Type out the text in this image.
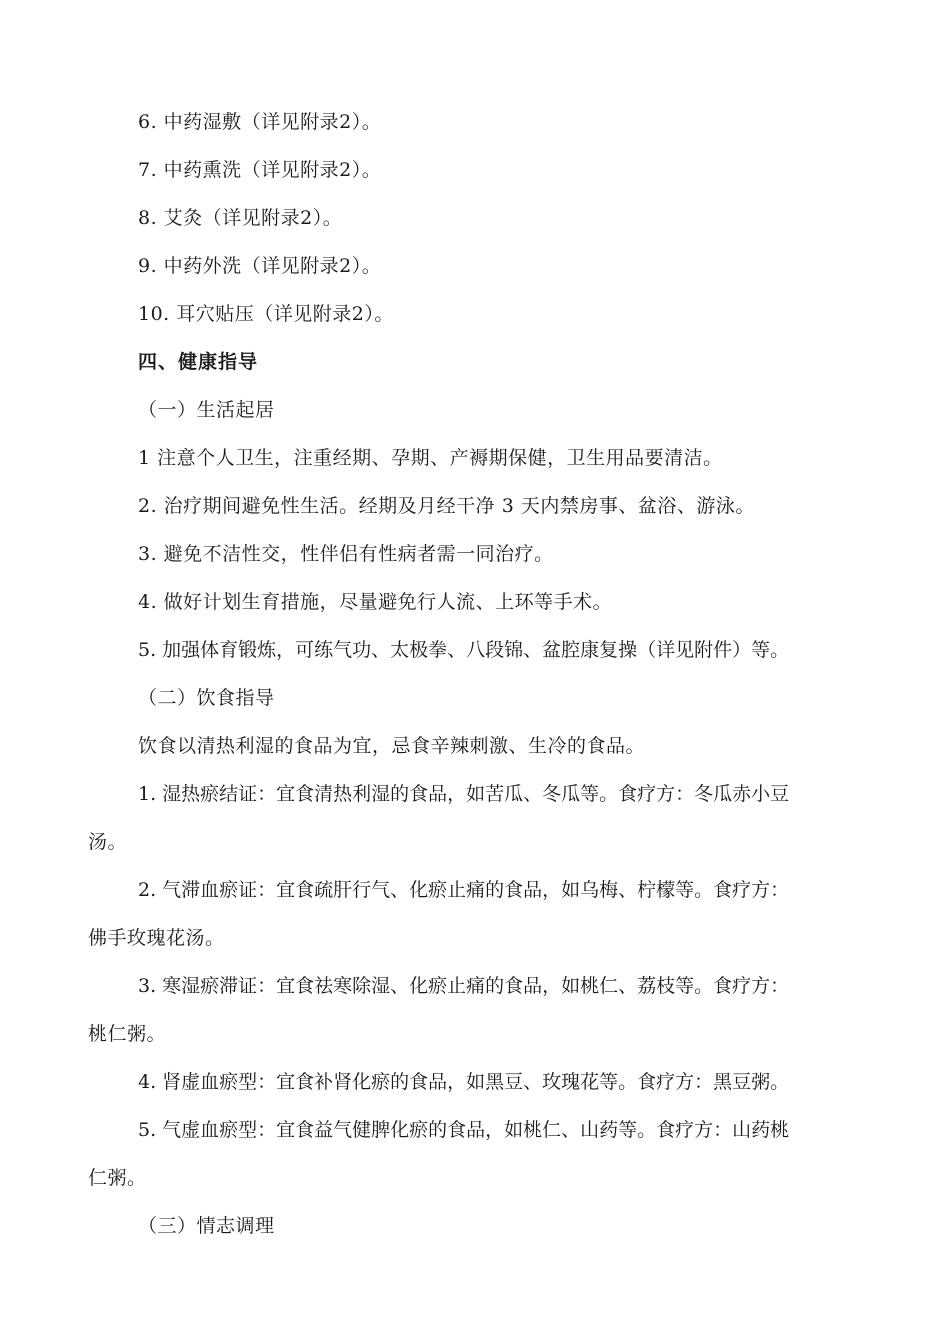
6. 中药湿敷（详见附录2）。
7. 中药熏洗（详见附录2）。
8. 艾灸（详见附录2）。
9. 中药外洗（详见附录2）。
10. 耳穴贴压（详见附录2）。
四、健康指导
（一）生活起居
1 注意个人卫生，注重经期、孕期、产褥期保健，卫生用品要清洁。
2. 治疗期间避免性生活。经期及月经干净 3 天内禁房事、盆浴、游泳。
3. 避免不洁性交，性伴侣有性病者需一同治疗。
4. 做好计划生育措施，尽量避免行人流、上环等手术。
5. 加强体育锻炼，可练气功、太极拳、八段锦、盆腔康复操（详见附件）等。
（二）饮食指导
饮食以清热利湿的食品为宜，忌食辛辣刺激、生冷的食品。
1. 湿热瘀结证：宜食清热利湿的食品，如苦瓜、冬瓜等。食疗方：冬瓜赤小豆
汤。
2. 气滞血瘀证：宜食疏肝行气、化瘀止痛的食品，如乌梅、柠檬等。食疗方：
佛手玫瑰花汤。
3. 寒湿瘀滞证：宜食祛寒除湿、化瘀止痛的食品，如桃仁、荔枝等。食疗方：
桃仁粥。
4. 肾虚血瘀型：宜食补肾化瘀的食品，如黑豆、玫瑰花等。食疗方：黑豆粥。
5. 气虚血瘀型：宜食益气健脾化瘀的食品，如桃仁、山药等。食疗方：山药桃
仁粥。
（三）情志调理
